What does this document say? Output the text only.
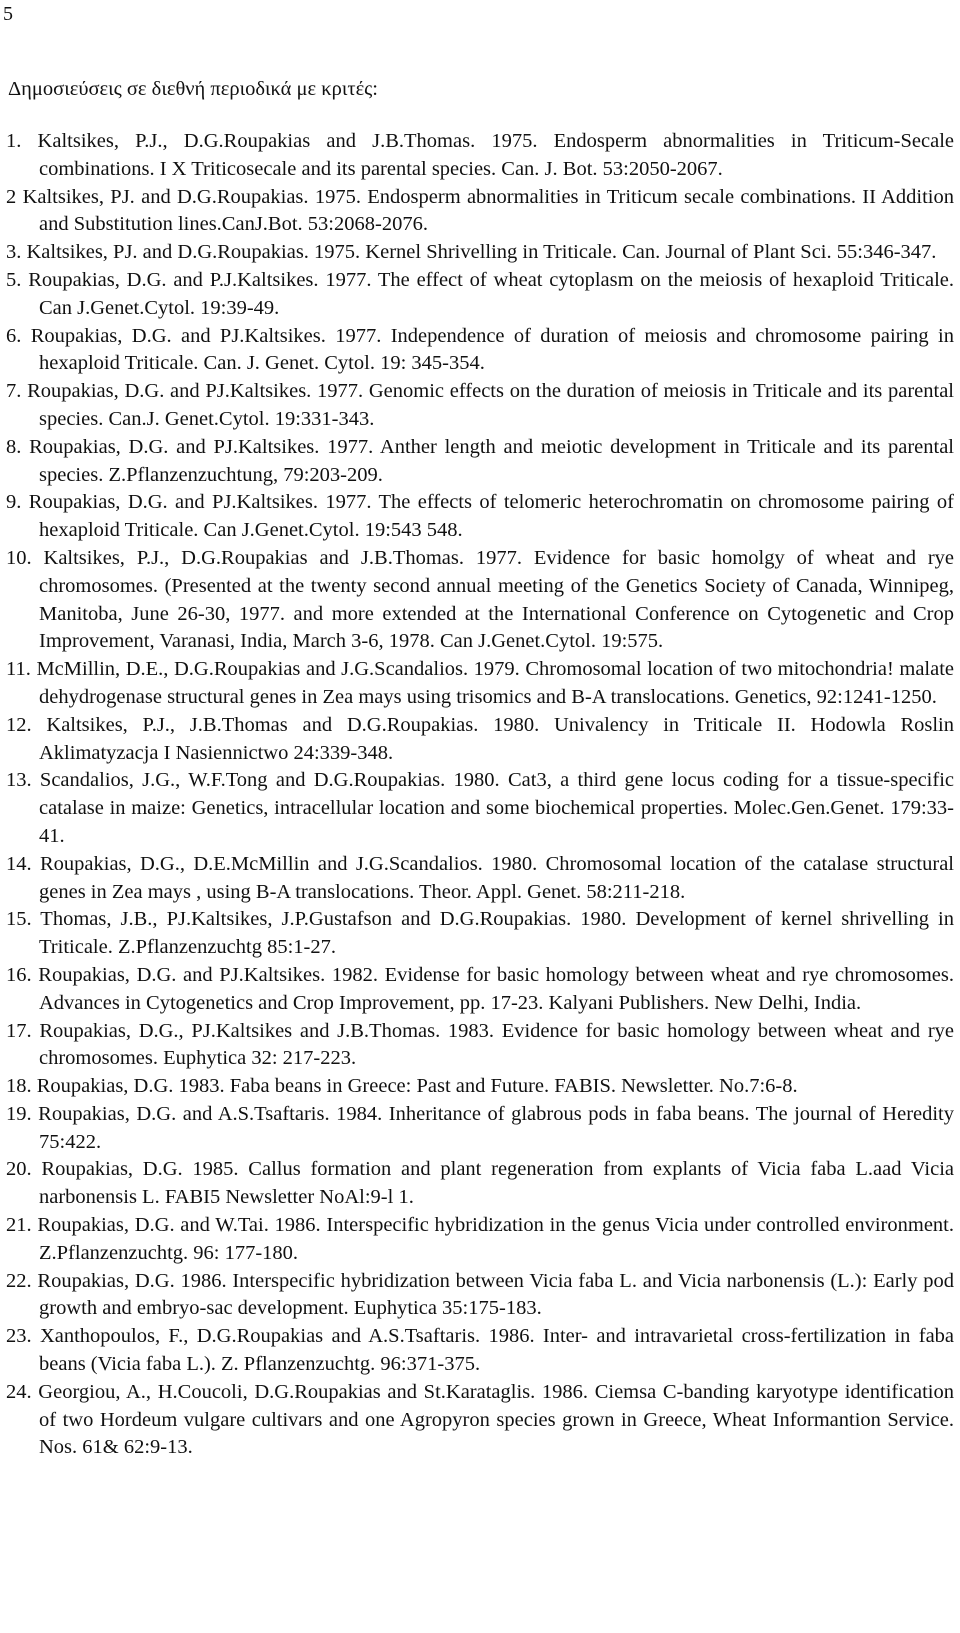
5
Δημοσιεύσεις σε διεθνή περιοδικά με κριτές:
1. Kaltsikes, P.J., D.G.Roupakias and J.B.Thomas. 1975. Endosperm abnormalities in Triticum-Secale combinations. I X Triticosecale and its parental species. Can. J. Bot. 53:2050-2067.
2 Kaltsikes, PJ. and D.G.Roupakias. 1975. Endosperm abnormalities in Triticum secale combinations. II Addition and Substitution lines.CanJ.Bot. 53:2068-2076.
3. Kaltsikes, PJ. and D.G.Roupakias. 1975. Kernel Shrivelling in Triticale. Can. Journal of Plant Sci. 55:346-347.
5. Roupakias, D.G. and P.J.Kaltsikes. 1977. The effect of wheat cytoplasm on the meiosis of hexaploid Triticale. Can J.Genet.Cytol. 19:39-49.
6. Roupakias, D.G. and PJ.Kaltsikes. 1977. Independence of duration of meiosis and chromosome pairing in hexaploid Triticale. Can. J. Genet. Cytol. 19: 345-354.
7. Roupakias, D.G. and PJ.Kaltsikes. 1977. Genomic effects on the duration of meiosis in Triticale and its parental species. Can.J. Genet.Cytol. 19:331-343.
8. Roupakias, D.G. and PJ.Kaltsikes. 1977. Anther length and meiotic development in Triticale and its parental species. Z.Pflanzenzuchtung, 79:203-209.
9. Roupakias, D.G. and PJ.Kaltsikes. 1977. The effects of telomeric heterochromatin on chromosome pairing of hexaploid Triticale. Can J.Genet.Cytol. 19:543 548.
10. Kaltsikes, P.J., D.G.Roupakias and J.B.Thomas. 1977. Evidence for basic homolgy of wheat and rye chromosomes. (Presented at the twenty second annual meeting of the Genetics Society of Canada, Winnipeg, Manitoba, June 26-30, 1977. and more extended at the International Conference on Cytogenetic and Crop Improvement, Varanasi, India, March 3-6, 1978. Can J.Genet.Cytol. 19:575.
11. McMillin, D.E., D.G.Roupakias and J.G.Scandalios. 1979. Chromosomal location of two mitochondria! malate dehydrogenase structural genes in Zea mays using trisomics and B-A translocations. Genetics, 92:1241-1250.
12. Kaltsikes, P.J., J.B.Thomas and D.G.Roupakias. 1980. Univalency in Triticale II. Hodowla Roslin Aklimatyzacja I Nasiennictwo 24:339-348.
13. Scandalios, J.G., W.F.Tong and D.G.Roupakias. 1980. Cat3, a third gene locus coding for a tissue-specific catalase in maize: Genetics, intracellular location and some biochemical properties. Molec.Gen.Genet. 179:33-41.
14. Roupakias, D.G., D.E.McMillin and J.G.Scandalios. 1980. Chromosomal location of the catalase structural genes in Zea mays , using B-A translocations. Theor. Appl. Genet. 58:211-218.
15. Thomas, J.B., PJ.Kaltsikes, J.P.Gustafson and D.G.Roupakias. 1980. Development of kernel shrivelling in Triticale. Z.Pflanzenzuchtg 85:1-27.
16. Roupakias, D.G. and PJ.Kaltsikes. 1982. Evidense for basic homology between wheat and rye chromosomes. Advances in Cytogenetics and Crop Improvement, pp. 17-23. Kalyani Publishers. New Delhi, India.
17. Roupakias, D.G., PJ.Kaltsikes and J.B.Thomas. 1983. Evidence for basic homology between wheat and rye chromosomes. Euphytica 32: 217-223.
18. Roupakias, D.G. 1983. Faba beans in Greece: Past and Future. FABIS. Newsletter. No.7:6-8.
19. Roupakias, D.G. and A.S.Tsaftaris. 1984. Inheritance of glabrous pods in faba beans. The journal of Heredity 75:422.
20. Roupakias, D.G. 1985. Callus formation and plant regeneration from explants of Vicia faba L.aad Vicia narbonensis L. FABI5 Newsletter NoAl:9-l 1.
21. Roupakias, D.G. and W.Tai. 1986. Interspecific hybridization in the genus Vicia under controlled environment. Z.Pflanzenzuchtg. 96: 177-180.
22. Roupakias, D.G. 1986. Interspecific hybridization between Vicia faba L. and Vicia narbonensis (L.): Early pod growth and embryo-sac development. Euphytica 35:175-183.
23. Xanthopoulos, F., D.G.Roupakias and A.S.Tsaftaris. 1986. Inter- and intravarietal cross-fertilization in faba beans (Vicia faba L.). Z. Pflanzenzuchtg. 96:371-375.
24. Georgiou, A., H.Coucoli, D.G.Roupakias and St.Karataglis. 1986. Ciemsa C-banding karyotype identification of two Hordeum vulgare cultivars and one Agropyron species grown in Greece, Wheat Informantion Service. Nos. 61& 62:9-13.
